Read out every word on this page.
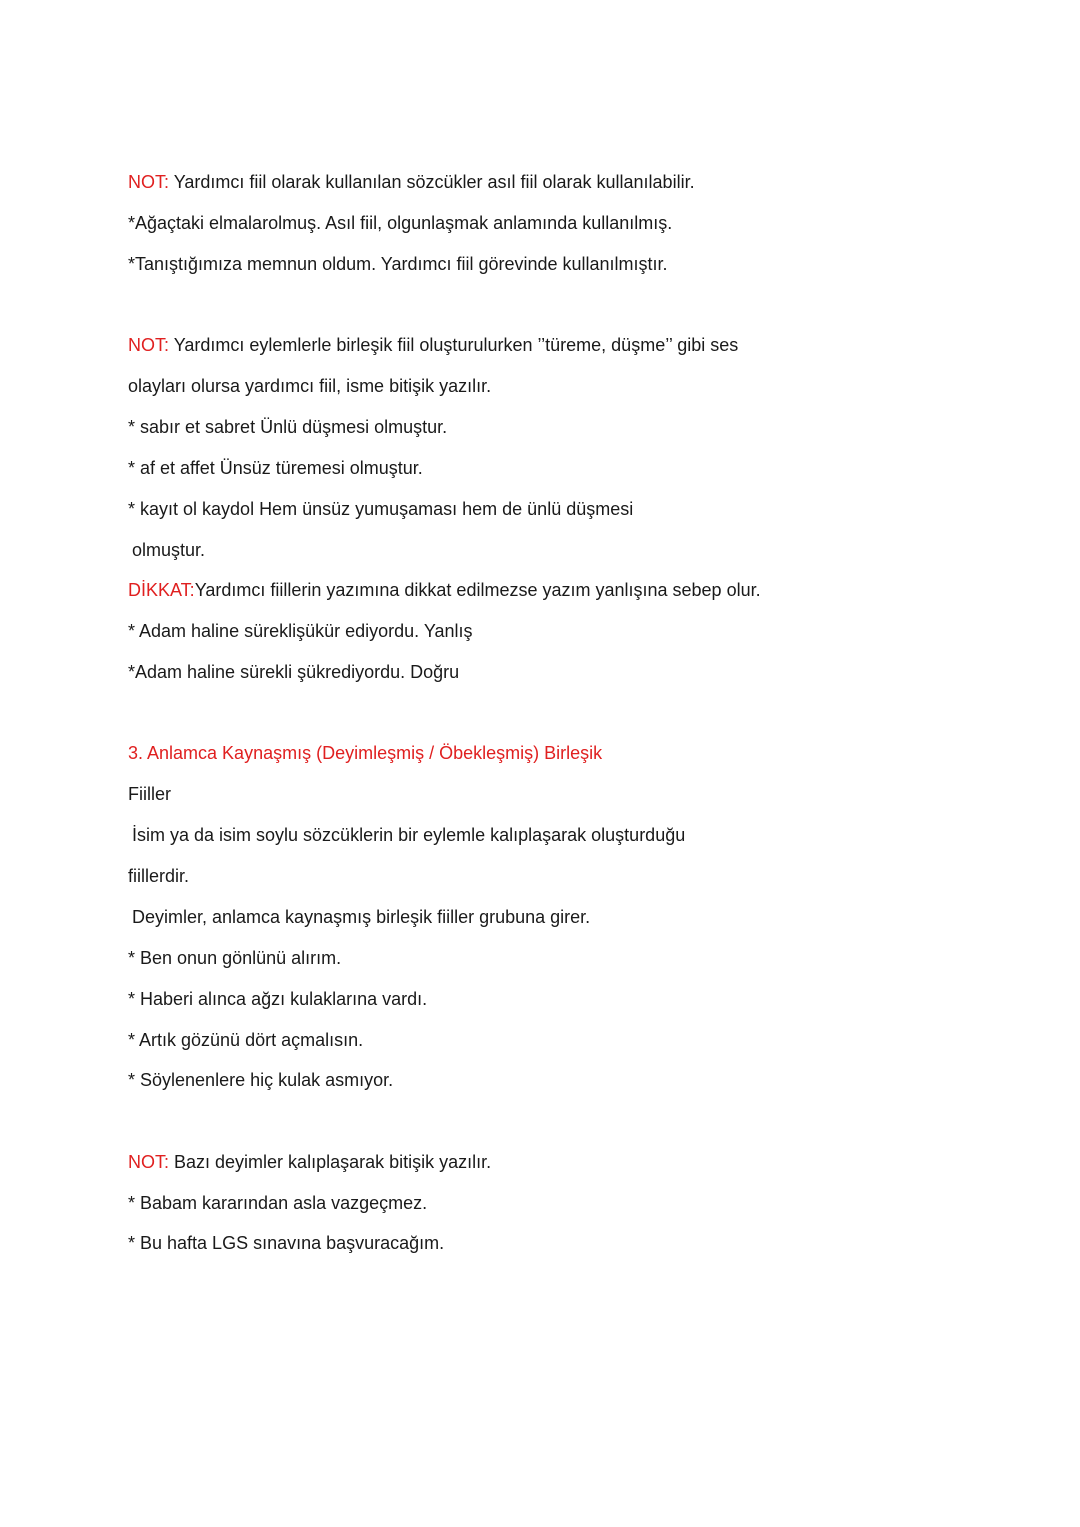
NOT: Yardımcı fiil olarak kullanılan sözcükler asıl fiil olarak kullanılabilir.
*Ağaçtaki elmalarolmuş. Asıl fiil, olgunlaşmak anlamında kullanılmış.
*Tanıştığımıza memnun oldum. Yardımcı fiil görevinde kullanılmıştır.
NOT: Yardımcı eylemlerle birleşik fiil oluşturulurken ’’türeme, düşme’’ gibi ses
olayları olursa yardımcı fiil, isme bitişik yazılır.
* sabır et sabret Ünlü düşmesi olmuştur.
* af et affet Ünsüz türemesi olmuştur.
* kayıt ol kaydol Hem ünsüz yumuşaması hem de ünlü düşmesi
olmuştur.
DİKKAT:Yardımcı fiillerin yazımına dikkat edilmezse yazım yanlışına sebep olur.
* Adam haline süreklişükür ediyordu. Yanlış
*Adam haline sürekli şükrediyordu. Doğru
3. Anlamca Kaynaşmış (Deyimleşmiş / Öbekleşmiş) Birleşik
Fiiller
İsim ya da isim soylu sözcüklerin bir eylemle kalıplaşarak oluşturduğu
fiillerdir.
Deyimler, anlamca kaynaşmış birleşik fiiller grubuna girer.
* Ben onun gönlünü alırım.
* Haberi alınca ağzı kulaklarına vardı.
* Artık gözünü dört açmalısın.
* Söylenenlere hiç kulak asmıyor.
NOT: Bazı deyimler kalıplaşarak bitişik yazılır.
* Babam kararından asla vazgeçmez.
* Bu hafta LGS sınavına başvuracağım.
